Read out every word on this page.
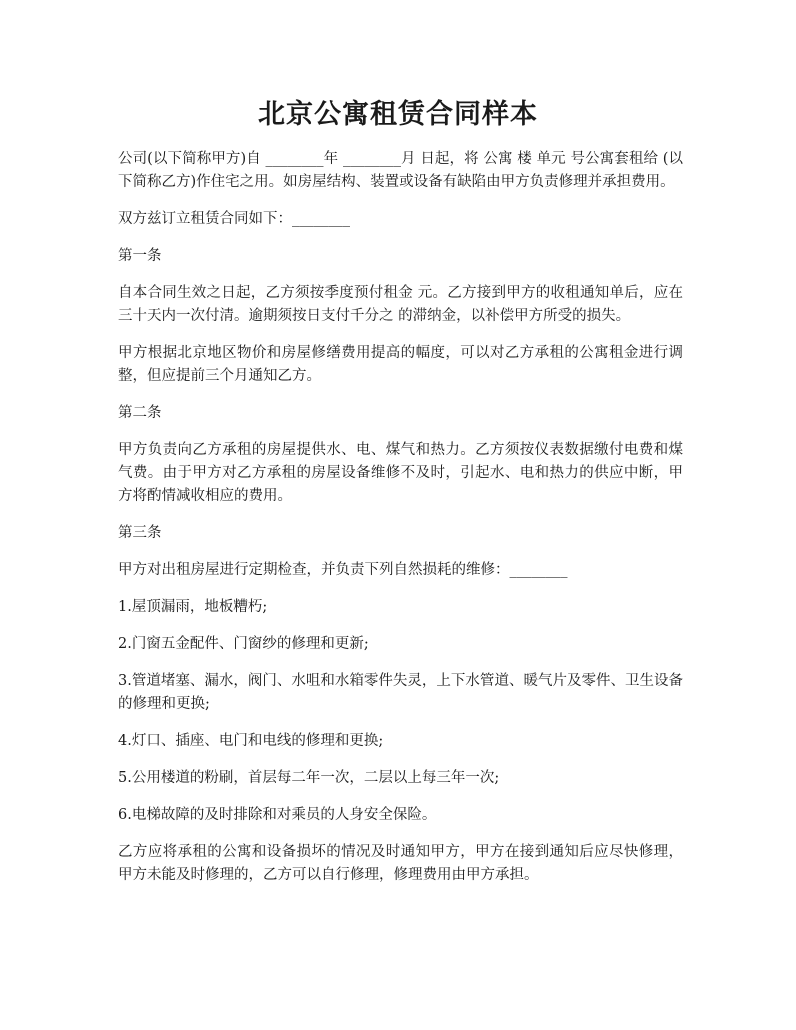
北京公寓租赁合同样本

公司(以下简称甲方)自 ________年 ________月 日起，将 公寓 楼 单元 号公寓套租给 (以下简称乙方)作住宅之用。如房屋结构、装置或设备有缺陷由甲方负责修理并承担费用。

双方兹订立租赁合同如下：________

第一条

自本合同生效之日起，乙方须按季度预付租金 元。乙方接到甲方的收租通知单后，应在三十天内一次付清。逾期须按日支付千分之 的滞纳金，以补偿甲方所受的损失。

甲方根据北京地区物价和房屋修缮费用提高的幅度，可以对乙方承租的公寓租金进行调整，但应提前三个月通知乙方。

第二条

甲方负责向乙方承租的房屋提供水、电、煤气和热力。乙方须按仪表数据缴付电费和煤气费。由于甲方对乙方承租的房屋设备维修不及时，引起水、电和热力的供应中断，甲方将酌情减收相应的费用。

第三条

甲方对出租房屋进行定期检查，并负责下列自然损耗的维修：________

1.屋顶漏雨，地板糟朽;

2.门窗五金配件、门窗纱的修理和更新;

3.管道堵塞、漏水，阀门、水咀和水箱零件失灵，上下水管道、暖气片及零件、卫生设备的修理和更换;

4.灯口、插座、电门和电线的修理和更换;

5.公用楼道的粉刷，首层每二年一次，二层以上每三年一次;

6.电梯故障的及时排除和对乘员的人身安全保险。

乙方应将承租的公寓和设备损坏的情况及时通知甲方，甲方在接到通知后应尽快修理，甲方未能及时修理的，乙方可以自行修理，修理费用由甲方承担。
